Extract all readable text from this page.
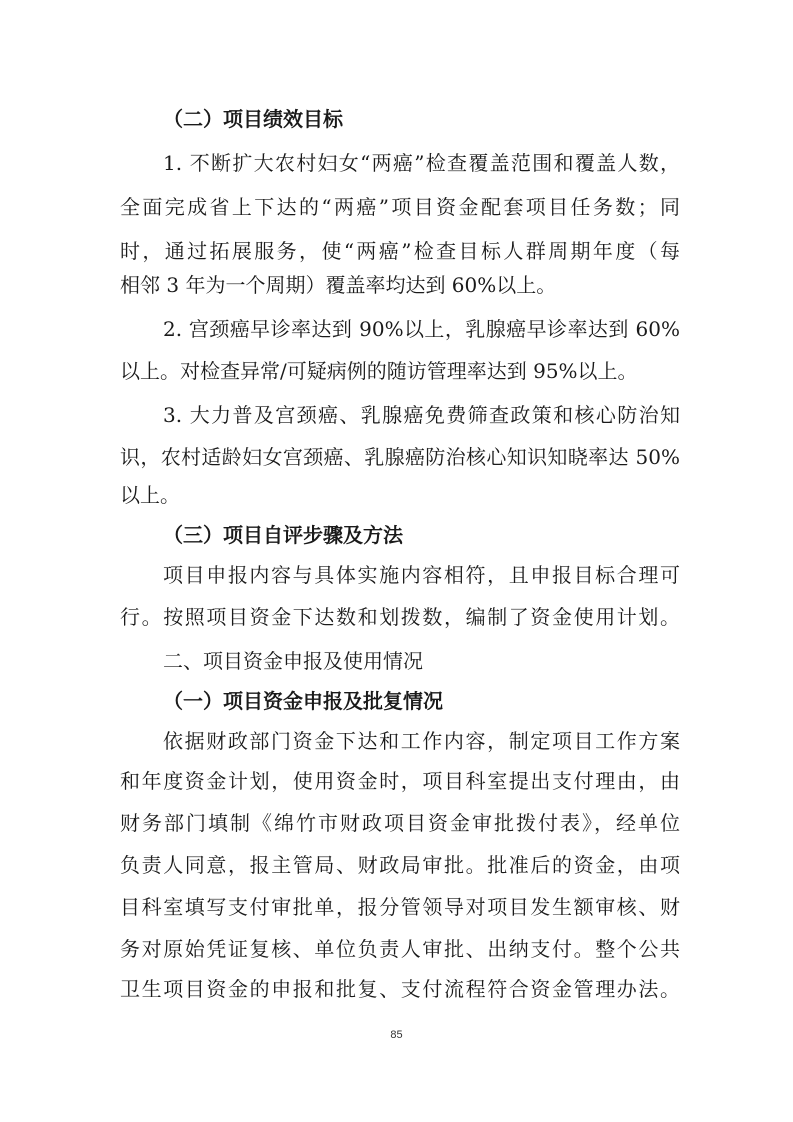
（二）项目绩效目标
1. 不断扩大农村妇女“两癌”检查覆盖范围和覆盖人数，
全面完成省上下达的“两癌”项目资金配套项目任务数；同
时，通过拓展服务，使“两癌”检查目标人群周期年度（每
相邻 3 年为一个周期）覆盖率均达到 60%以上。
2. 宫颈癌早诊率达到 90%以上，乳腺癌早诊率达到 60%
以上。对检查异常/可疑病例的随访管理率达到 95%以上。
3. 大力普及宫颈癌、乳腺癌免费筛查政策和核心防治知
识，农村适龄妇女宫颈癌、乳腺癌防治核心知识知晓率达 50%
以上。
（三）项目自评步骤及方法
项目申报内容与具体实施内容相符，且申报目标合理可
行。按照项目资金下达数和划拨数，编制了资金使用计划。
二、项目资金申报及使用情况
（一）项目资金申报及批复情况
依据财政部门资金下达和工作内容，制定项目工作方案
和年度资金计划，使用资金时，项目科室提出支付理由，由
财务部门填制《绵竹市财政项目资金审批拨付表》，经单位
负责人同意，报主管局、财政局审批。批准后的资金，由项
目科室填写支付审批单，报分管领导对项目发生额审核、财
务对原始凭证复核、单位负责人审批、出纳支付。整个公共
卫生项目资金的申报和批复、支付流程符合资金管理办法。
85
